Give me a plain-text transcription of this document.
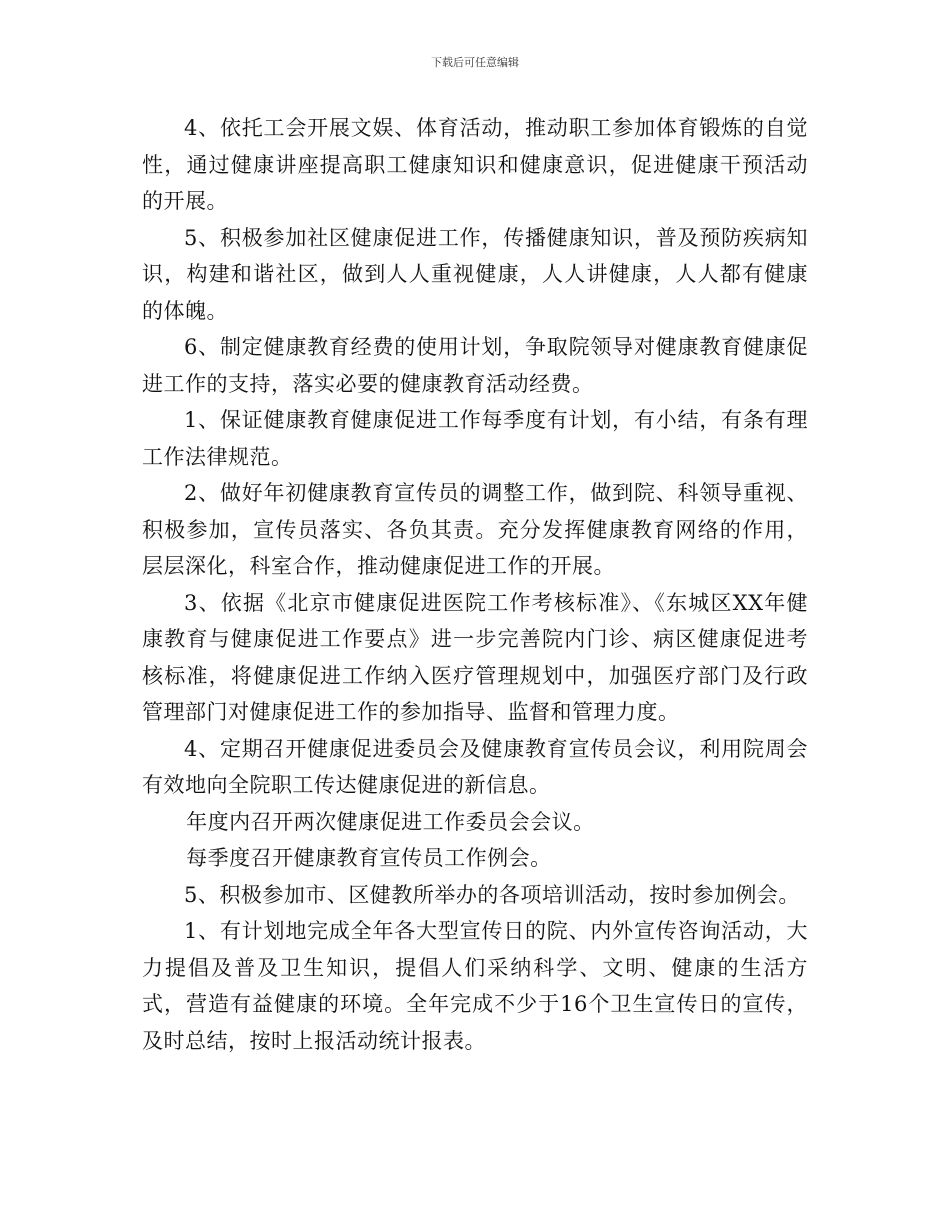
下载后可任意编辑

4、依托工会开展文娱、体育活动，推动职工参加体育锻炼的自觉性，通过健康讲座提高职工健康知识和健康意识，促进健康干预活动的开展。

5、积极参加社区健康促进工作，传播健康知识，普及预防疾病知识，构建和谐社区，做到人人重视健康，人人讲健康，人人都有健康的体魄。

6、制定健康教育经费的使用计划，争取院领导对健康教育健康促进工作的支持，落实必要的健康教育活动经费。

1、保证健康教育健康促进工作每季度有计划，有小结，有条有理工作法律规范。

2、做好年初健康教育宣传员的调整工作，做到院、科领导重视、积极参加，宣传员落实、各负其责。充分发挥健康教育网络的作用，层层深化，科室合作，推动健康促进工作的开展。

3、依据《北京市健康促进医院工作考核标准》、《东城区XX年健康教育与健康促进工作要点》进一步完善院内门诊、病区健康促进考核标准，将健康促进工作纳入医疗管理规划中，加强医疗部门及行政管理部门对健康促进工作的参加指导、监督和管理力度。

4、定期召开健康促进委员会及健康教育宣传员会议，利用院周会有效地向全院职工传达健康促进的新信息。

年度内召开两次健康促进工作委员会会议。

每季度召开健康教育宣传员工作例会。

5、积极参加市、区健教所举办的各项培训活动，按时参加例会。

1、有计划地完成全年各大型宣传日的院、内外宣传咨询活动，大力提倡及普及卫生知识，提倡人们采纳科学、文明、健康的生活方式，营造有益健康的环境。全年完成不少于16个卫生宣传日的宣传，及时总结，按时上报活动统计报表。
